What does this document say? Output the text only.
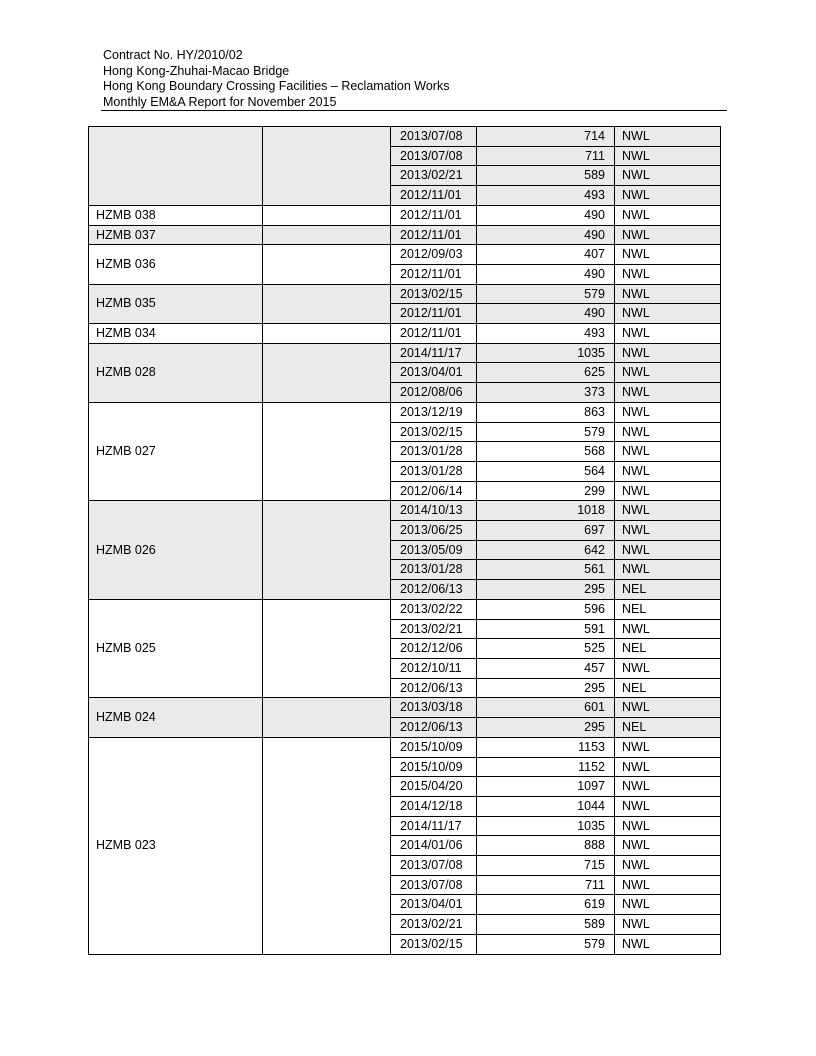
Contract No. HY/2010/02
Hong Kong-Zhuhai-Macao Bridge
Hong Kong Boundary Crossing Facilities – Reclamation Works
Monthly EM&A Report for November 2015
		2013/07/08	714	NWL
		2013/07/08	711	NWL
		2013/02/21	589	NWL
		2012/11/01	493	NWL
HZMB 038		2012/11/01	490	NWL
HZMB 037		2012/11/01	490	NWL
HZMB 036		2012/09/03	407	NWL
		2012/11/01	490	NWL
HZMB 035		2013/02/15	579	NWL
		2012/11/01	490	NWL
HZMB 034		2012/11/01	493	NWL
HZMB 028		2014/11/17	1035	NWL
		2013/04/01	625	NWL
		2012/08/06	373	NWL
HZMB 027		2013/12/19	863	NWL
		2013/02/15	579	NWL
		2013/01/28	568	NWL
		2013/01/28	564	NWL
		2012/06/14	299	NWL
HZMB 026		2014/10/13	1018	NWL
		2013/06/25	697	NWL
		2013/05/09	642	NWL
		2013/01/28	561	NWL
		2012/06/13	295	NEL
HZMB 025		2013/02/22	596	NEL
		2013/02/21	591	NWL
		2012/12/06	525	NEL
		2012/10/11	457	NWL
		2012/06/13	295	NEL
HZMB 024		2013/03/18	601	NWL
		2012/06/13	295	NEL
HZMB 023		2015/10/09	1153	NWL
		2015/10/09	1152	NWL
		2015/04/20	1097	NWL
		2014/12/18	1044	NWL
		2014/11/17	1035	NWL
		2014/01/06	888	NWL
		2013/07/08	715	NWL
		2013/07/08	711	NWL
		2013/04/01	619	NWL
		2013/02/21	589	NWL
		2013/02/15	579	NWL
